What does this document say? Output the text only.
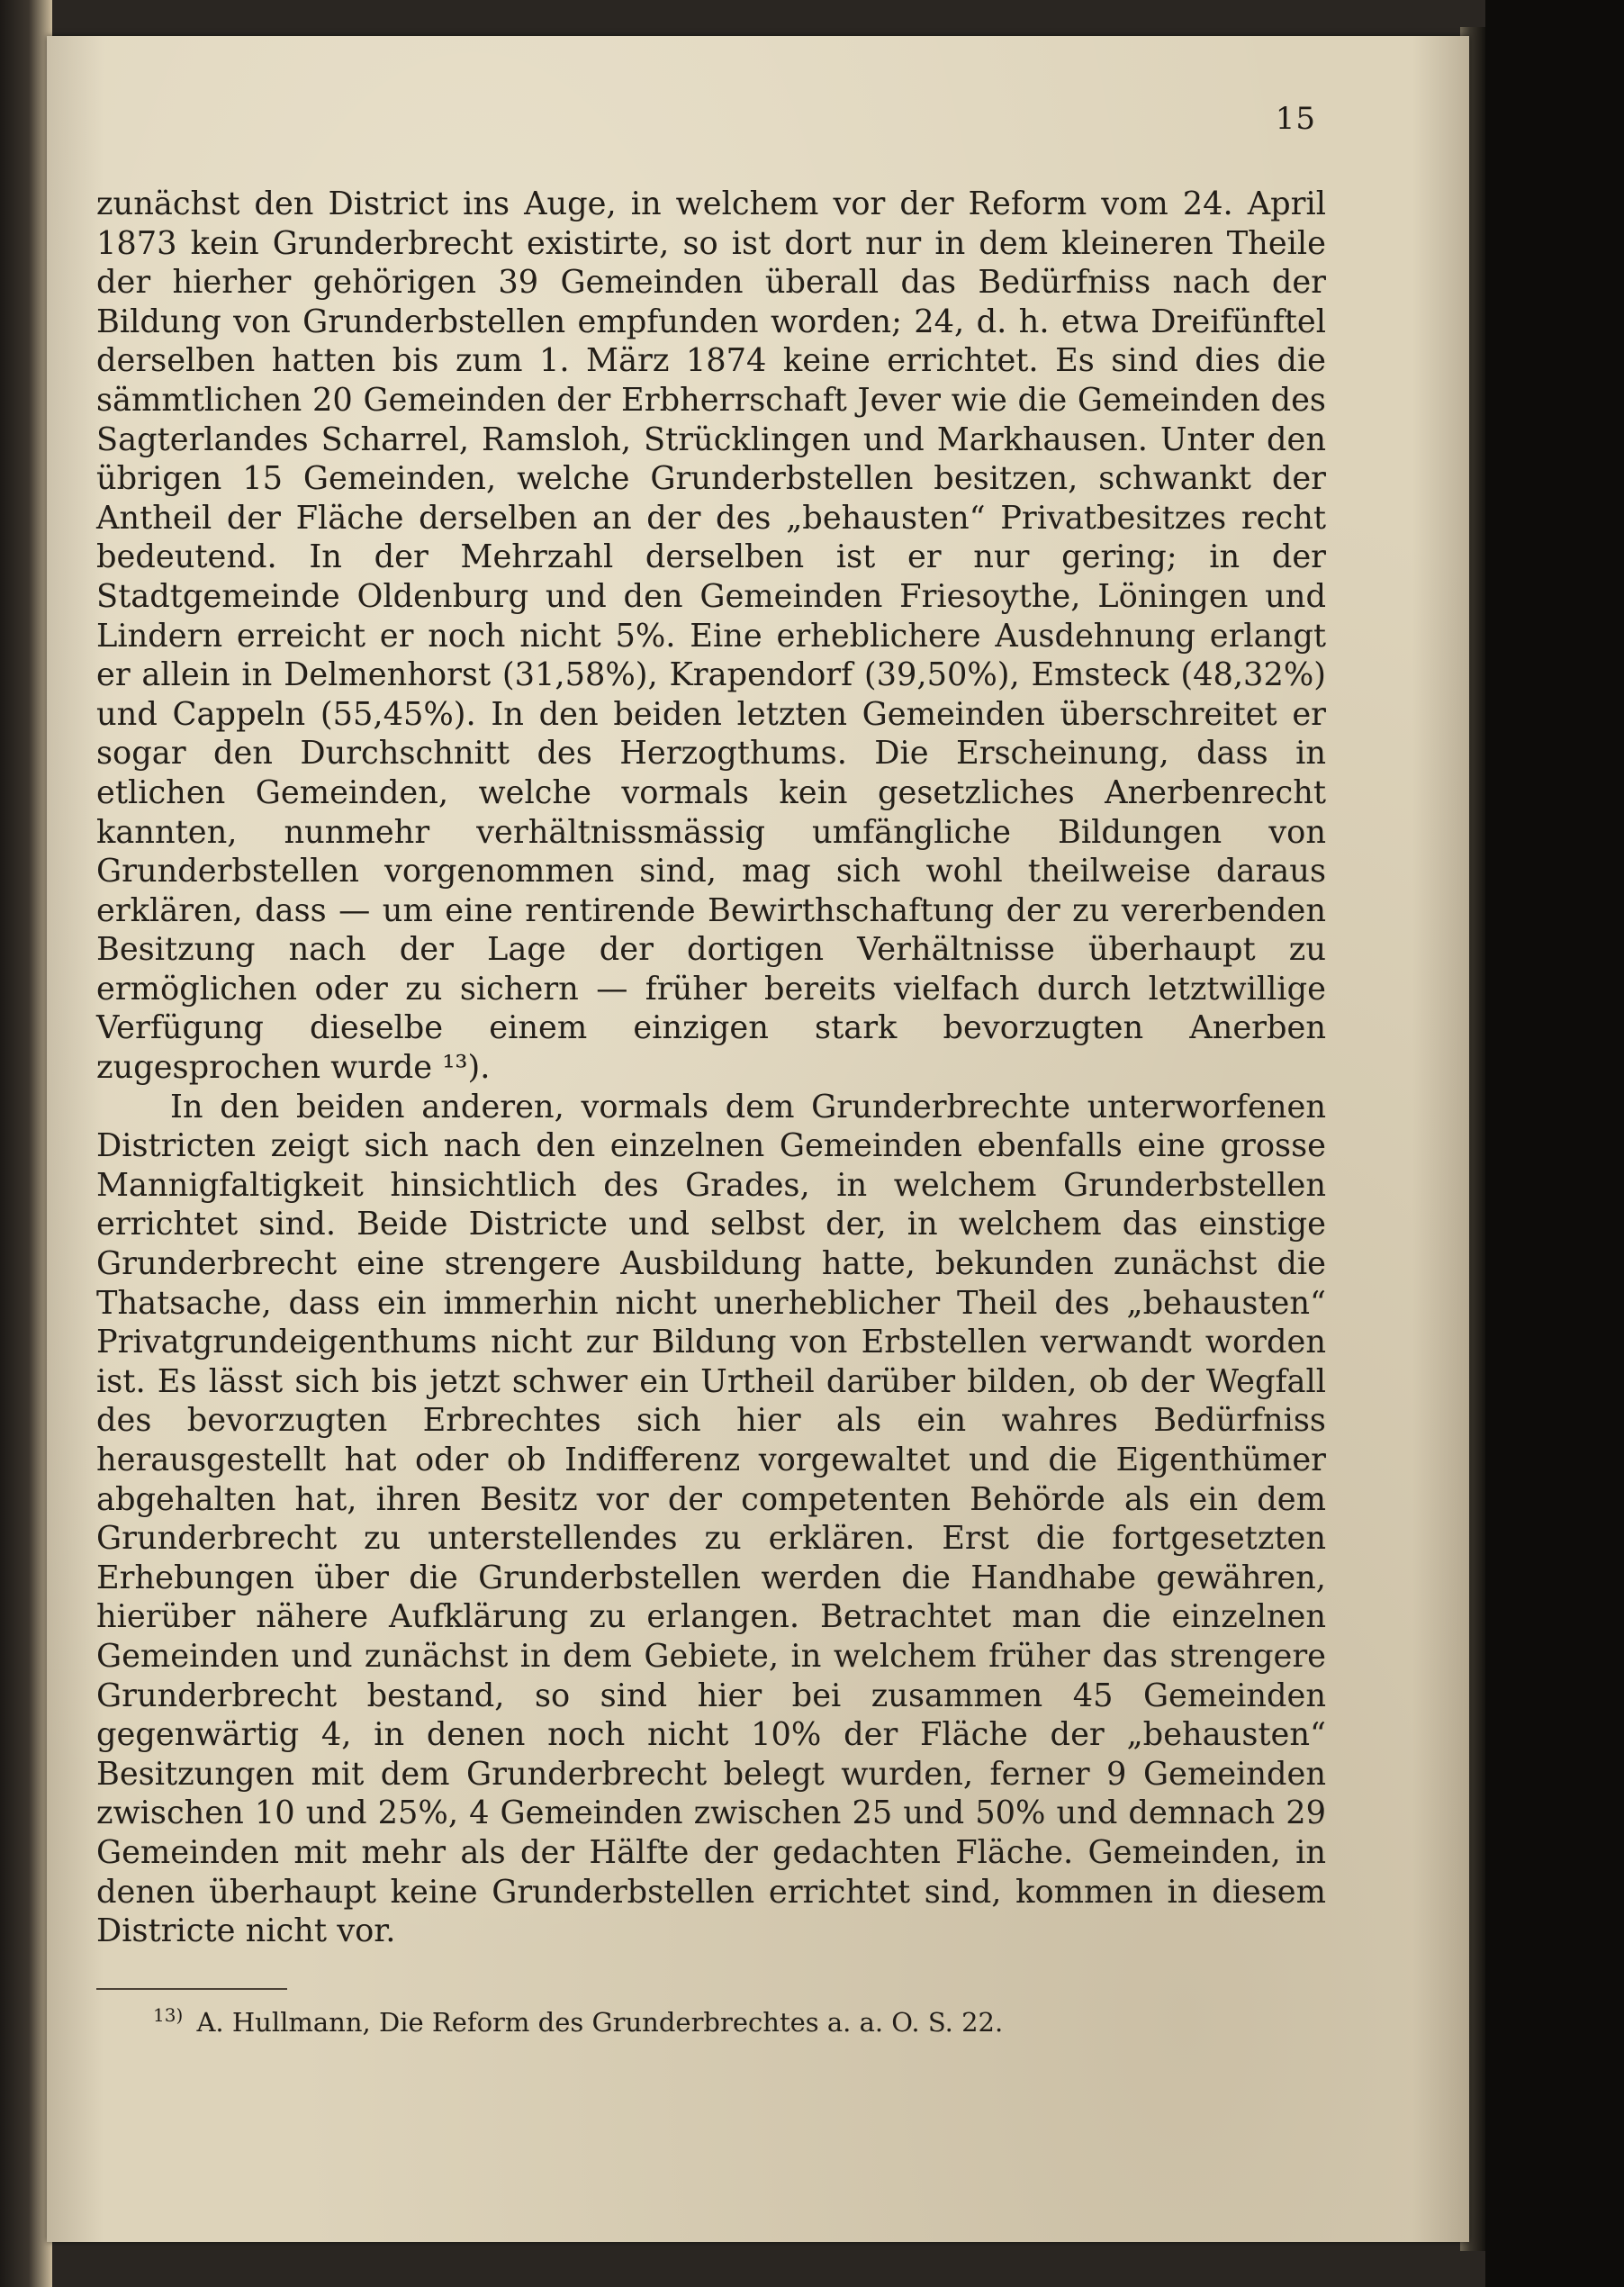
15

zunächst den District ins Auge, in welchem vor der Reform vom 24. April 1873 kein Grunderbrecht existirte, so ist dort nur in dem kleineren Theile der hierher gehörigen 39 Gemeinden überall das Bedürfniss nach der Bildung von Grunderbstellen empfunden worden; 24, d. h. etwa Dreifünftel derselben hatten bis zum 1. März 1874 keine errichtet. Es sind dies die sämmtlichen 20 Gemeinden der Erbherrschaft Jever wie die Gemeinden des Sagterlandes Scharrel, Ramsloh, Strücklingen und Markhausen. Unter den übrigen 15 Gemeinden, welche Grunderbstellen besitzen, schwankt der Antheil der Fläche derselben an der des „behausten“ Privatbesitzes recht bedeutend. In der Mehrzahl derselben ist er nur gering; in der Stadtgemeinde Oldenburg und den Gemeinden Friesoythe, Löningen und Lindern erreicht er noch nicht 5%. Eine erheblichere Ausdehnung erlangt er allein in Delmenhorst (31,58%), Krapendorf (39,50%), Emsteck (48,32%) und Cappeln (55,45%). In den beiden letzten Gemeinden überschreitet er sogar den Durchschnitt des Herzogthums. Die Erscheinung, dass in etlichen Gemeinden, welche vormals kein gesetzliches Anerbenrecht kannten, nunmehr verhältnissmässig umfängliche Bildungen von Grunderbstellen vorgenommen sind, mag sich wohl theilweise daraus erklären, dass — um eine rentirende Bewirthschaftung der zu vererbenden Besitzung nach der Lage der dortigen Verhältnisse überhaupt zu ermöglichen oder zu sichern — früher bereits vielfach durch letztwillige Verfügung dieselbe einem einzigen stark bevorzugten Anerben zugesprochen wurde ¹³).

In den beiden anderen, vormals dem Grunderbrechte unterworfenen Districten zeigt sich nach den einzelnen Gemeinden ebenfalls eine grosse Mannigfaltigkeit hinsichtlich des Grades, in welchem Grunderbstellen errichtet sind. Beide Districte und selbst der, in welchem das einstige Grunderbrecht eine strengere Ausbildung hatte, bekunden zunächst die Thatsache, dass ein immerhin nicht unerheblicher Theil des „behausten“ Privatgrundeigenthums nicht zur Bildung von Erbstellen verwandt worden ist. Es lässt sich bis jetzt schwer ein Urtheil darüber bilden, ob der Wegfall des bevorzugten Erbrechtes sich hier als ein wahres Bedürfniss herausgestellt hat oder ob Indifferenz vorgewaltet und die Eigenthümer abgehalten hat, ihren Besitz vor der competenten Behörde als ein dem Grunderbrecht zu unterstellendes zu erklären. Erst die fortgesetzten Erhebungen über die Grunderbstellen werden die Handhabe gewähren, hierüber nähere Aufklärung zu erlangen. Betrachtet man die einzelnen Gemeinden und zunächst in dem Gebiete, in welchem früher das strengere Grunderbrecht bestand, so sind hier bei zusammen 45 Gemeinden gegenwärtig 4, in denen noch nicht 10% der Fläche der „behausten“ Besitzungen mit dem Grunderbrecht belegt wurden, ferner 9 Gemeinden zwischen 10 und 25%, 4 Gemeinden zwischen 25 und 50% und demnach 29 Gemeinden mit mehr als der Hälfte der gedachten Fläche. Gemeinden, in denen überhaupt keine Grunderbstellen errichtet sind, kommen in diesem Districte nicht vor.

$^{13)}$ A. Hullmann, Die Reform des Grunderbrechtes a. a. O. S. 22.
